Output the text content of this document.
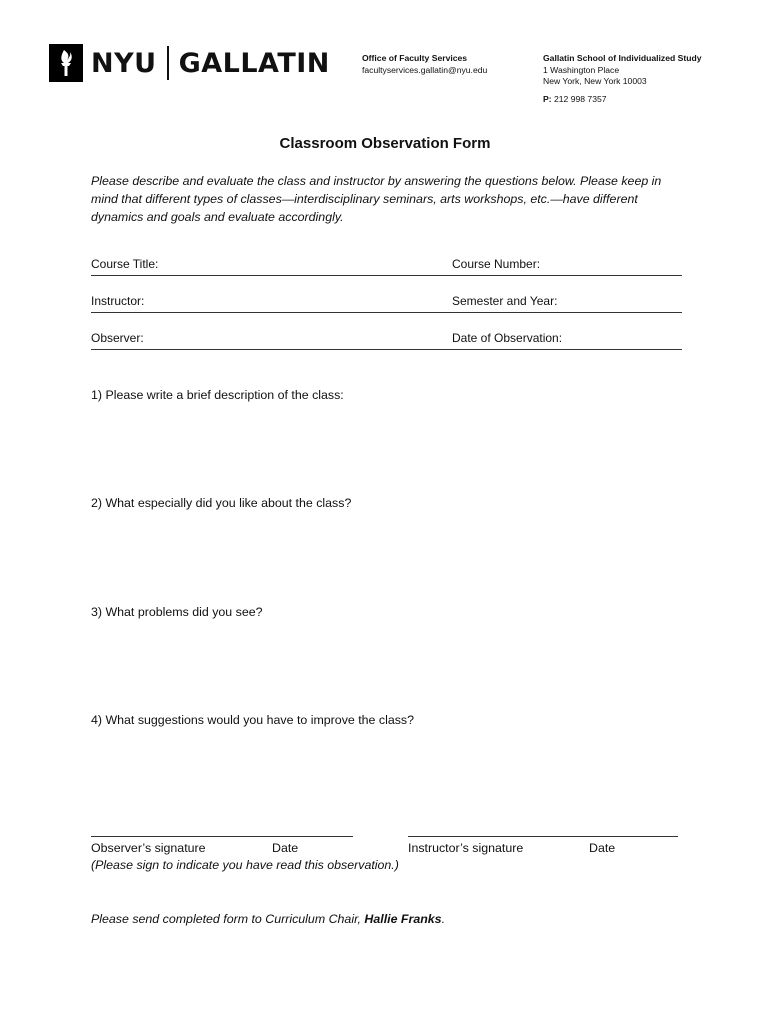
NYU GALLATIN	Office of Faculty Services
facultyservices.gallatin@nyu.edu
Gallatin School of Individualized Study
1 Washington Place
New York, New York 10003
P: 212 998 7357
Classroom Observation Form
Please describe and evaluate the class and instructor by answering the questions below. Please keep in mind that different types of classes—interdisciplinary seminars, arts workshops, etc.—have different dynamics and goals and evaluate accordingly.
Course Title:	Course Number:
Instructor:	Semester and Year:
Observer:	Date of Observation:
1) Please write a brief description of the class:
2) What especially did you like about the class?
3) What problems did you see?
4) What suggestions would you have to improve the class?
Observer’s signature	Date	Instructor’s signature	Date
(Please sign to indicate you have read this observation.)
Please send completed form to Curriculum Chair, Hallie Franks.
